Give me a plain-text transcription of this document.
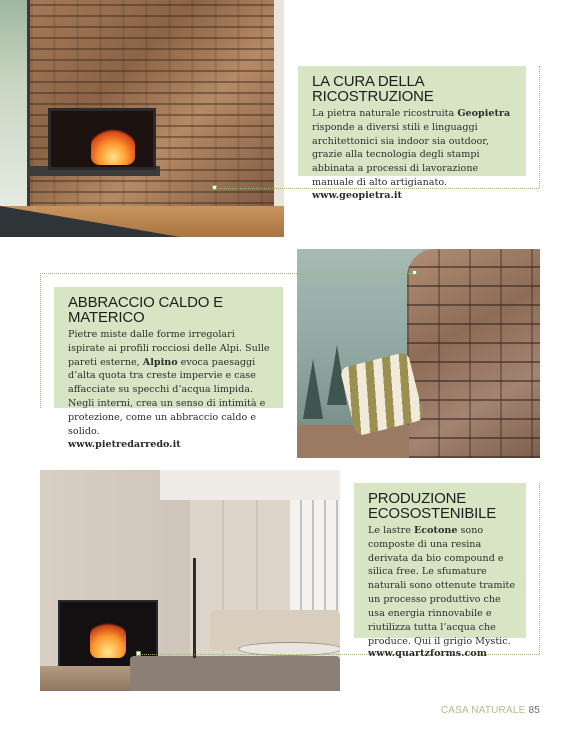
LA CURA DELLA RICOSTRUZIONE

La pietra naturale ricostruita Geopietra risponde a diversi stili e linguaggi architettonici sia indoor sia outdoor, grazie alla tecnologia degli stampi abbinata a processi di lavorazione manuale di alto artigianato.

www.geopietra.it
ABBRACCIO CALDO E MATERICO

Pietre miste dalle forme irregolari ispirate ai profili rocciosi delle Alpi. Sulle pareti esterne, Alpino evoca paesaggi d’alta quota tra creste impervie e case affacciate su specchi d’acqua limpida. Negli interni, crea un senso di intimità e protezione, come un abbraccio caldo e solido.

www.pietredarredo.it
PRODUZIONE ECOSOSTENIBILE

Le lastre Ecotone sono composte di una resina derivata da bio compound e silica free. Le sfumature naturali sono ottenute tramite un processo produttivo che usa energia rinnovabile e riutilizza tutta l’acqua che produce. Qui il grigio Mystic.

www.quartzforms.com
CASA NATURALE 85
